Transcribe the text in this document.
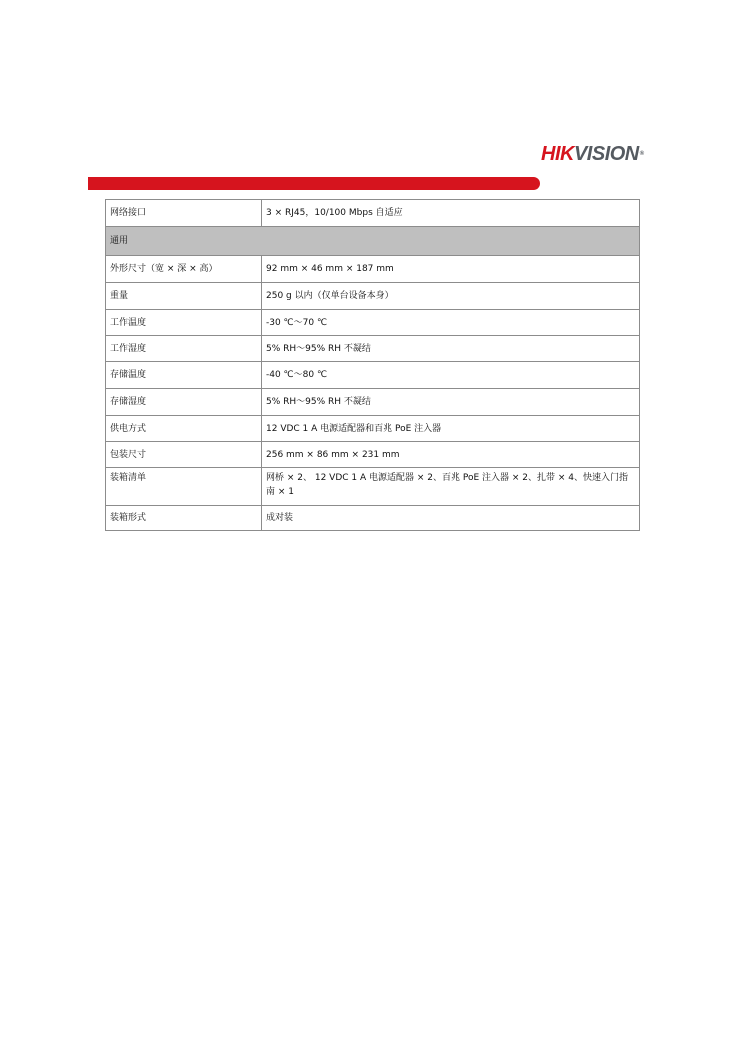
HIKVISION®
网络接口	3 × RJ45，10/100 Mbps 自适应
通用	
外形尺寸（宽 × 深 × 高）	92 mm × 46 mm × 187 mm
重量	250 g 以内（仅单台设备本身）
工作温度	-30 ℃～70 ℃
工作湿度	5% RH～95% RH 不凝结
存储温度	-40 ℃～80 ℃
存储湿度	5% RH～95% RH 不凝结
供电方式	12 VDC 1 A 电源适配器和百兆 PoE 注入器
包装尺寸	256 mm × 86 mm × 231 mm
装箱清单	网桥 × 2、 12 VDC 1 A 电源适配器 × 2、百兆 PoE 注入器 × 2、扎带 × 4、快速入门指南 × 1
装箱形式	成对装
